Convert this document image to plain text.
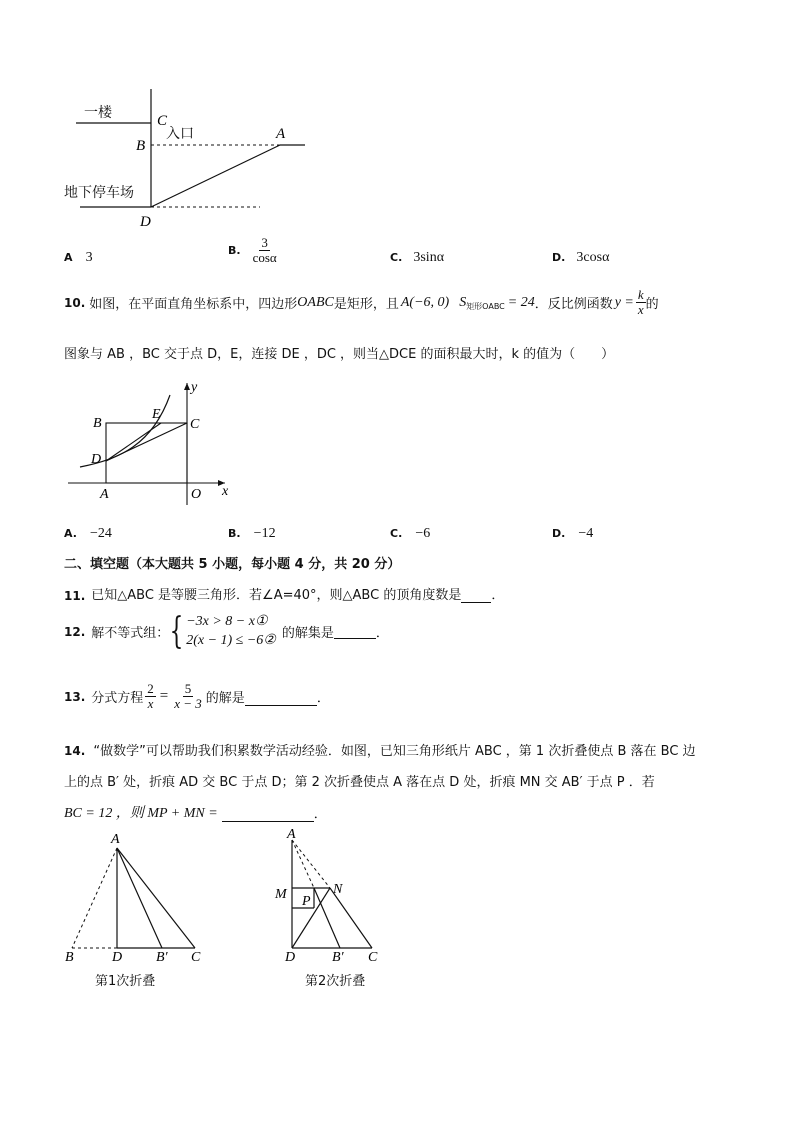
C
B
A
D
一楼
入口
地下停车场
A 3	B. $\frac{3}{\cos\alpha}$	C. 3sinα	D. 3cosα
10. 如图，在平面直角坐标系中，四边形 OABC 是矩形，且 A(−6, 0) S 矩形OABC = 24 ．反比例函数 $y = \frac{k}{x}$ 的
图象与 AB ，BC 交于点 D，E，连接 DE ，DC ，则当△DCE 的面积最大时，k 的值为（　　）
B
E
C
D
A	O x
y
A. −24	B. −12	C. −6	D. −4
二、填空题（本大题共 5 小题，每小题 4 分，共 20 分）
11. 已知△ABC 是等腰三角形．若∠A=40°，则△ABC 的顶角度数是 ．
12. 解不等式组： { −3x > 8 − x①
2(x − 1) ≤ −6② 的解集是	．
13. 分式方程 $\frac{2}{x} = \frac{5}{x - 3}$ 的解是	．
14. “做数学”可以帮助我们积累数学活动经验．如图，已知三角形纸片 ABC ，第 1 次折叠使点 B 落在 BC 边
上的点 B′ 处，折痕 AD 交 BC 于点 D；第 2 次折叠使点 A 落在点 D 处，折痕 MN 交 AB′ 于点 P ．若
BC = 12 ，则 MP + MN =	．
A
B	D B′ C
第1次折叠
A
M	N
P
D	B′ C
第2次折叠
